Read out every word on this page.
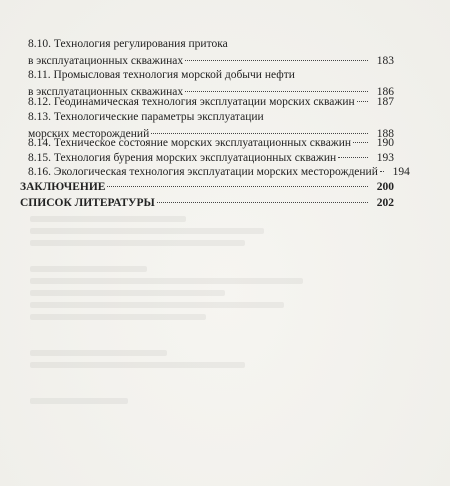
8.10. Технология регулирования притока
в эксплуатационных скважинах	183
8.11. Промысловая технология морской добычи нефти
в эксплуатационных скважинах	186
8.12. Геодинамическая технология эксплуатации морских скважин	187
8.13. Технологические параметры эксплуатации
морских месторождений	188
8.14. Техническое состояние морских эксплуатационных скважин	190
8.15. Технология бурения морских эксплуатационных скважин	193
8.16. Экологическая технология эксплуатации морских месторождений	194
ЗАКЛЮЧЕНИЕ	200
СПИСОК ЛИТЕРАТУРЫ	202
